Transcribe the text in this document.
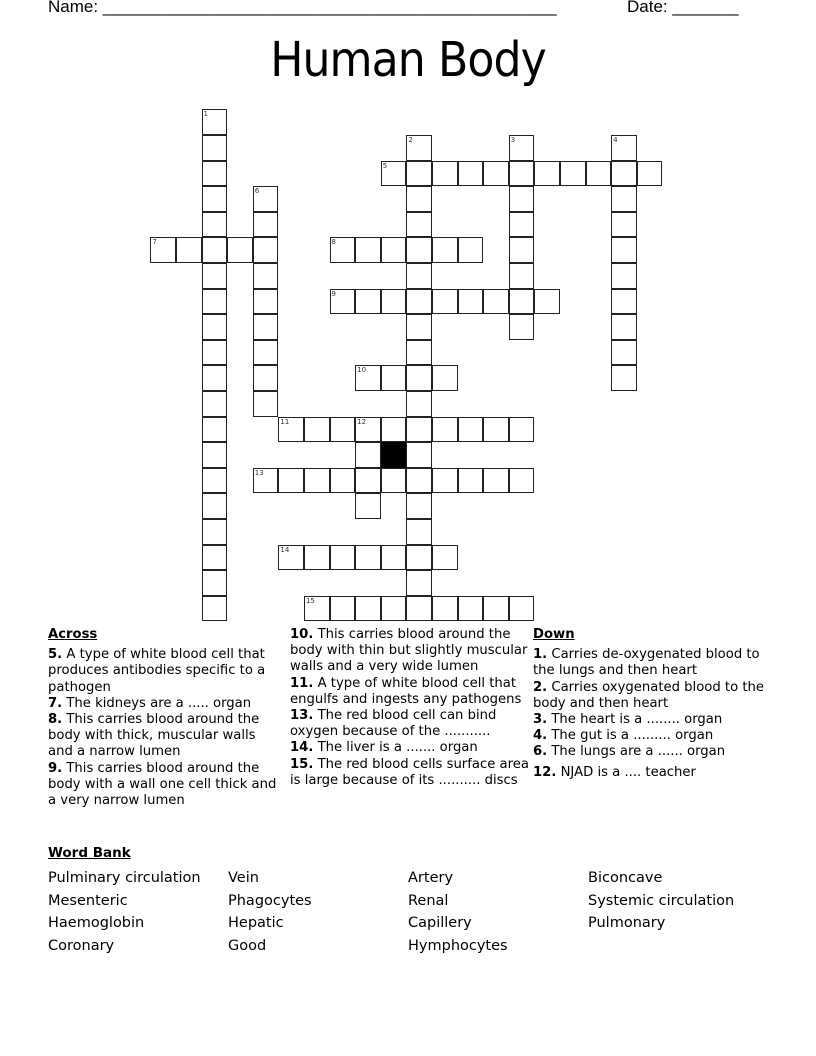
Name: ________________________________________________	Date: _______
Human Body
1
2	3	4
5
6
7	8
9
10
11	12
13
14
15
Across
5. A type of white blood cell that produces antibodies specific to a pathogen
7. The kidneys are a ..... organ
8. This carries blood around the body with thick, muscular walls and a narrow lumen
9. This carries blood around the body with a wall one cell thick and a very narrow lumen
10. This carries blood around the body with thin but slightly muscular walls and a very wide lumen
11. A type of white blood cell that engulfs and ingests any pathogens
13. The red blood cell can bind oxygen because of the ...........
14. The liver is a ....... organ
15. The red blood cells surface area is large because of its .......... discs
Down
1. Carries de-oxygenated blood to the lungs and then heart
2. Carries oxygenated blood to the body and then heart
3. The heart is a ........ organ
4. The gut is a ......... organ
6. The lungs are a ...... organ
12. NJAD is a .... teacher
Word Bank
Pulminary circulation
Mesenteric
Haemoglobin
Coronary
Vein
Phagocytes
Hepatic
Good
Artery
Renal
Capillery
Hymphocytes
Biconcave
Systemic circulation
Pulmonary
